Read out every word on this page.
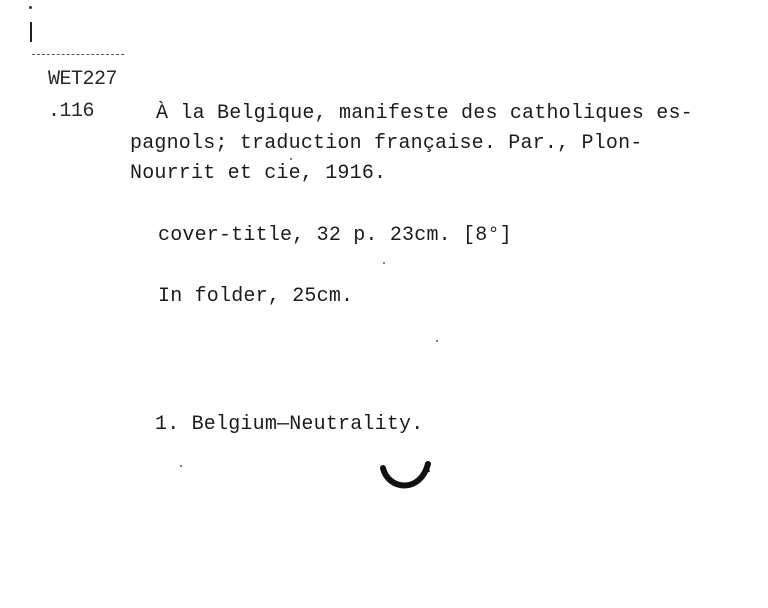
WET227
.116	À la Belgique, manifeste des catholiques es-
pagnols; traduction française. Par., Plon-
Nourrit et cie, 1916.
cover-title, 32 p. 23cm. [8°]
In folder, 25cm.
1. Belgium—Neutrality.
